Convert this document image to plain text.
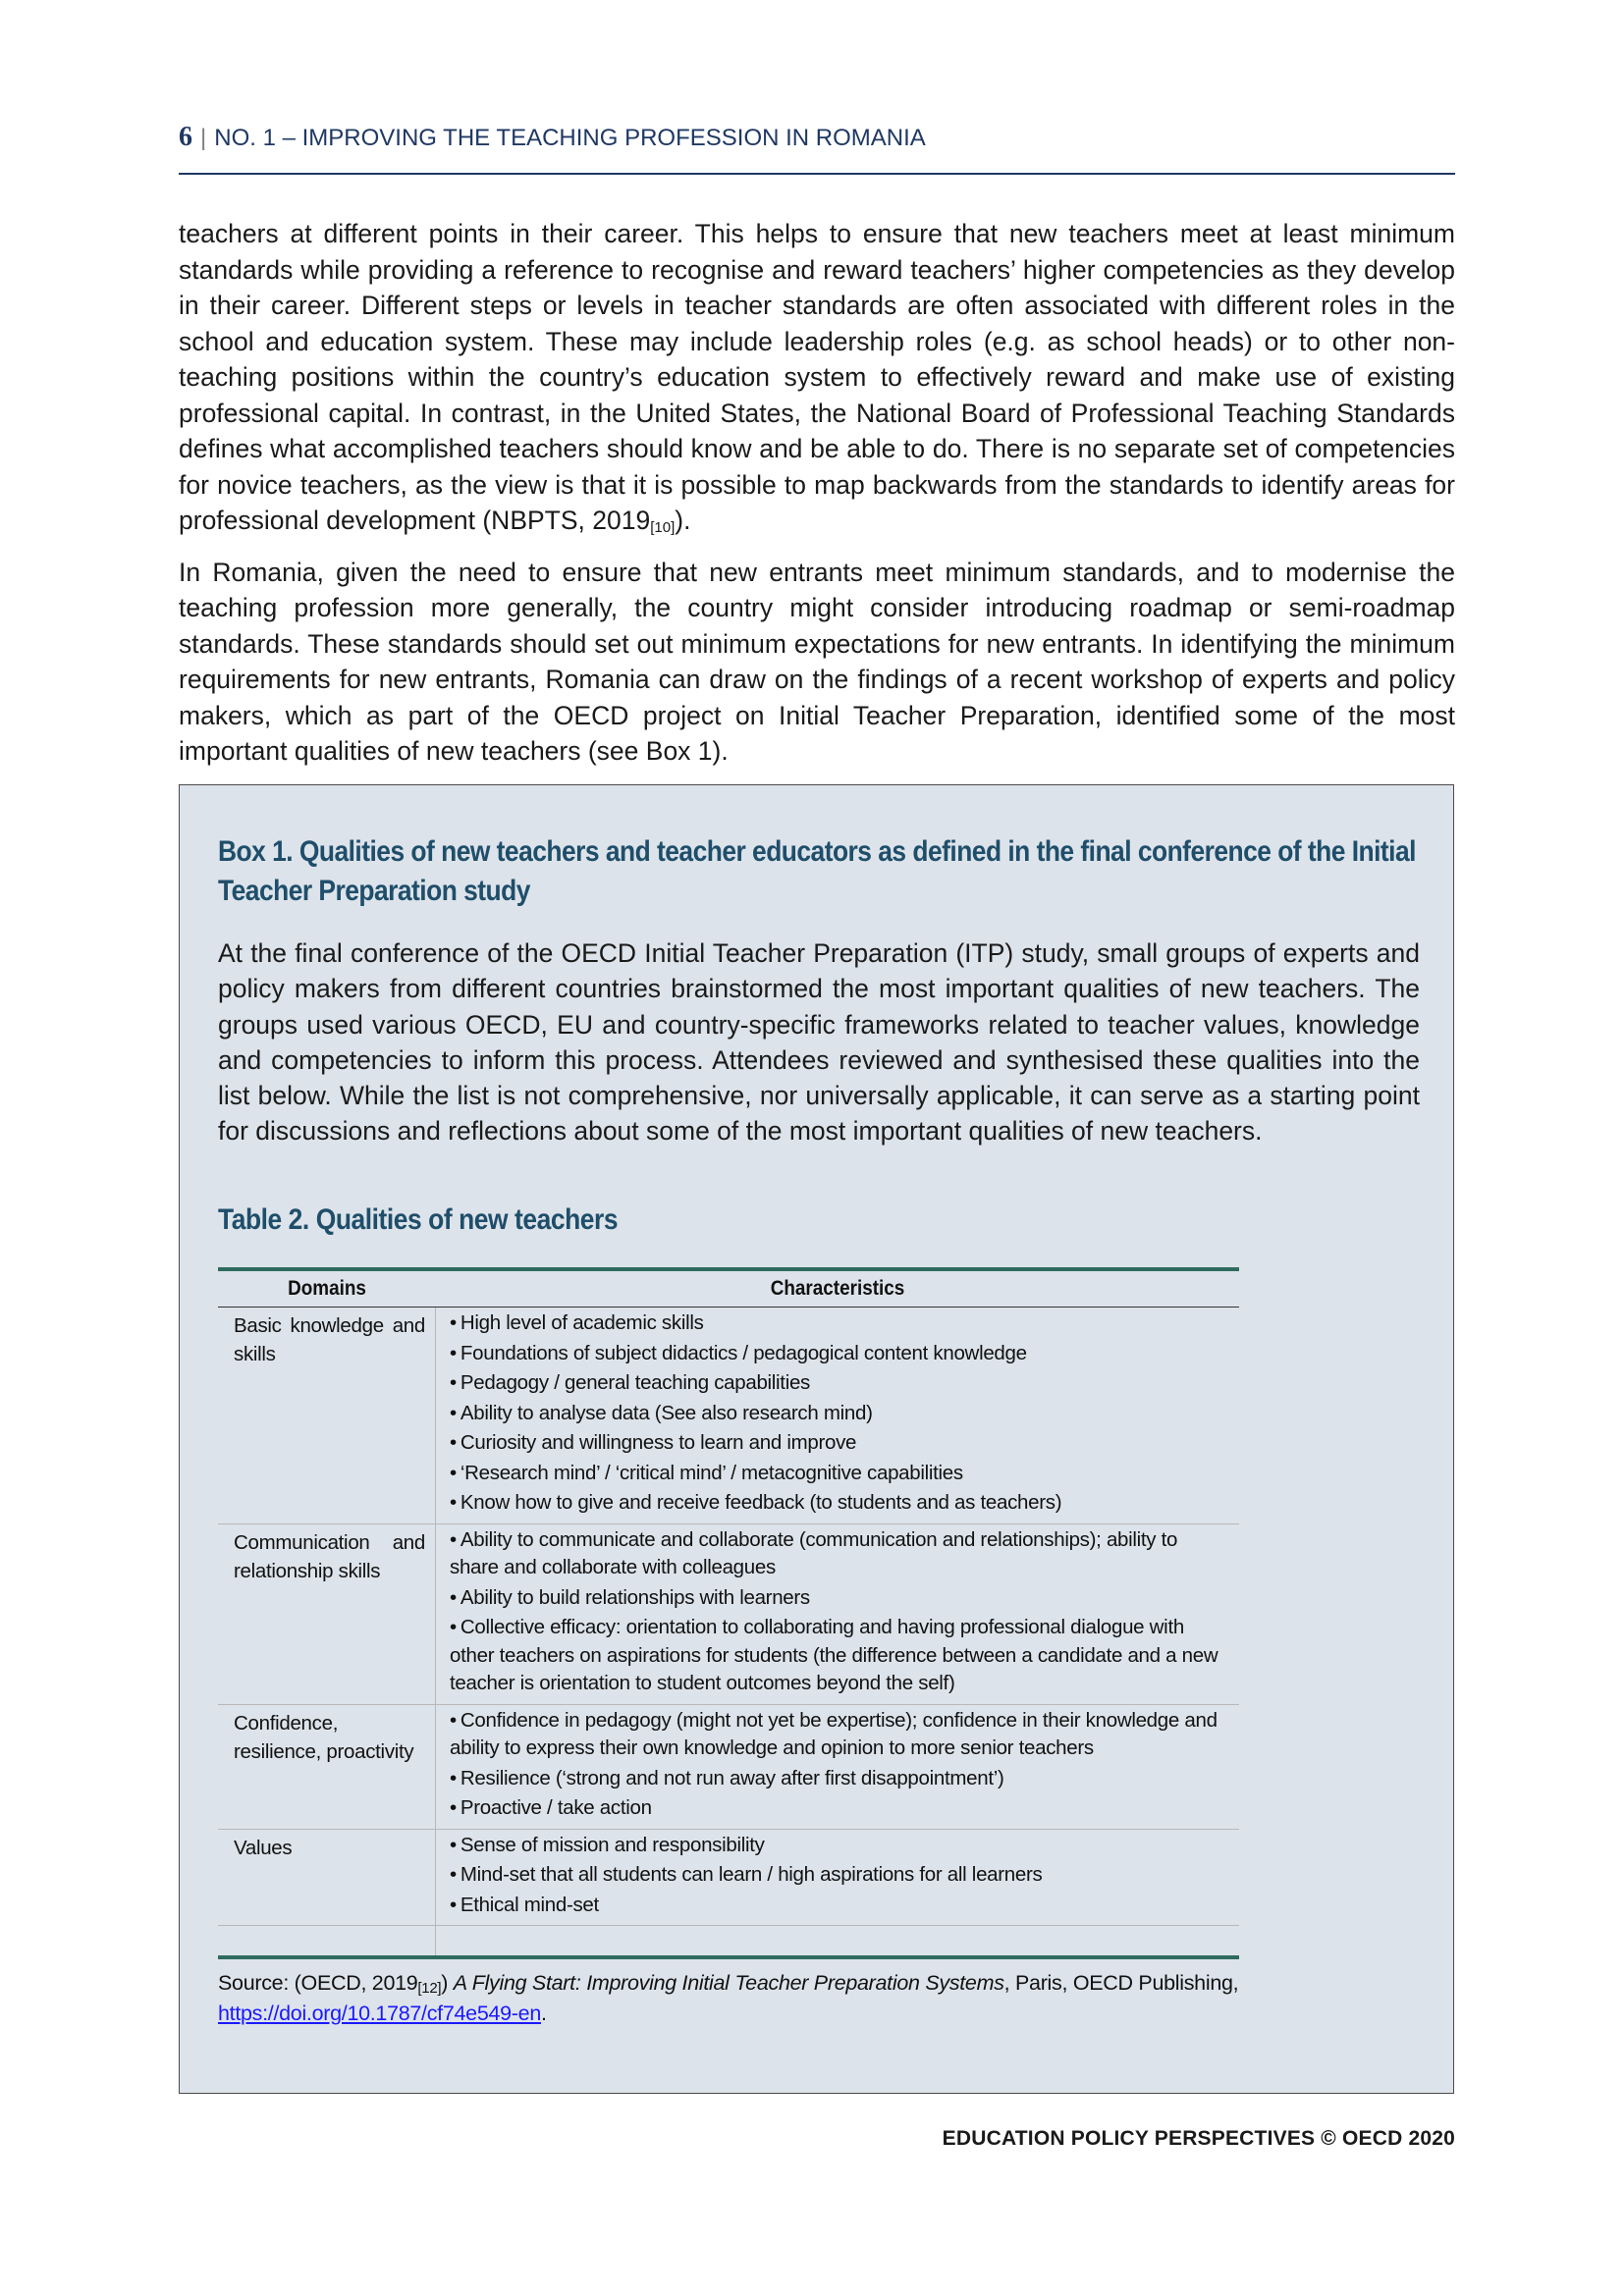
6 | NO. 1 – IMPROVING THE TEACHING PROFESSION IN ROMANIA

teachers at different points in their career. This helps to ensure that new teachers meet at least minimum standards while providing a reference to recognise and reward teachers’ higher competencies as they develop in their career. Different steps or levels in teacher standards are often associated with different roles in the school and education system. These may include leadership roles (e.g. as school heads) or to other non-teaching positions within the country’s education system to effectively reward and make use of existing professional capital. In contrast, in the United States, the National Board of Professional Teaching Standards defines what accomplished teachers should know and be able to do. There is no separate set of competencies for novice teachers, as the view is that it is possible to map backwards from the standards to identify areas for professional development (NBPTS, $2019_{[10]}$).

In Romania, given the need to ensure that new entrants meet minimum standards, and to modernise the teaching profession more generally, the country might consider introducing roadmap or semi-roadmap standards. These standards should set out minimum expectations for new entrants. In identifying the minimum requirements for new entrants, Romania can draw on the findings of a recent workshop of experts and policy makers, which as part of the OECD project on Initial Teacher Preparation, identified some of the most important qualities of new teachers (see Box 1).

Box 1. Qualities of new teachers and teacher educators as defined in the final conference of the Initial Teacher Preparation study
At the final conference of the OECD Initial Teacher Preparation (ITP) study, small groups of experts and policy makers from different countries brainstormed the most important qualities of new teachers. The groups used various OECD, EU and country-specific frameworks related to teacher values, knowledge and competencies to inform this process. Attendees reviewed and synthesised these qualities into the list below. While the list is not comprehensive, nor universally applicable, it can serve as a starting point for discussions and reflections about some of the most important qualities of new teachers.
Table 2. Qualities of new teachers
Domains	Characteristics
Basic knowledge and skills
• High level of academic skills
• Foundations of subject didactics / pedagogical content knowledge
• Pedagogy / general teaching capabilities
• Ability to analyse data (See also research mind)
• Curiosity and willingness to learn and improve
• ‘Research mind’ / ‘critical mind’ / metacognitive capabilities
• Know how to give and receive feedback (to students and as teachers)
Communication and relationship skills
• Ability to communicate and collaborate (communication and relationships); ability to share and collaborate with colleagues
• Ability to build relationships with learners
• Collective efficacy: orientation to collaborating and having professional dialogue with other teachers on aspirations for students (the difference between a candidate and a new teacher is orientation to student outcomes beyond the self)
Confidence, resilience, proactivity
• Confidence in pedagogy (might not yet be expertise); confidence in their knowledge and ability to express their own knowledge and opinion to more senior teachers
• Resilience (‘strong and not run away after first disappointment’)
• Proactive / take action
Values	• Sense of mission and responsibility
• Mind-set that all students can learn / high aspirations for all learners
• Ethical mind-set
Source: (OECD, $2019_{[12]}$) A Flying Start: Improving Initial Teacher Preparation Systems, Paris, OECD Publishing, https://doi.org/10.1787/cf74e549-en.
EDUCATION POLICY PERSPECTIVES © OECD 2020
